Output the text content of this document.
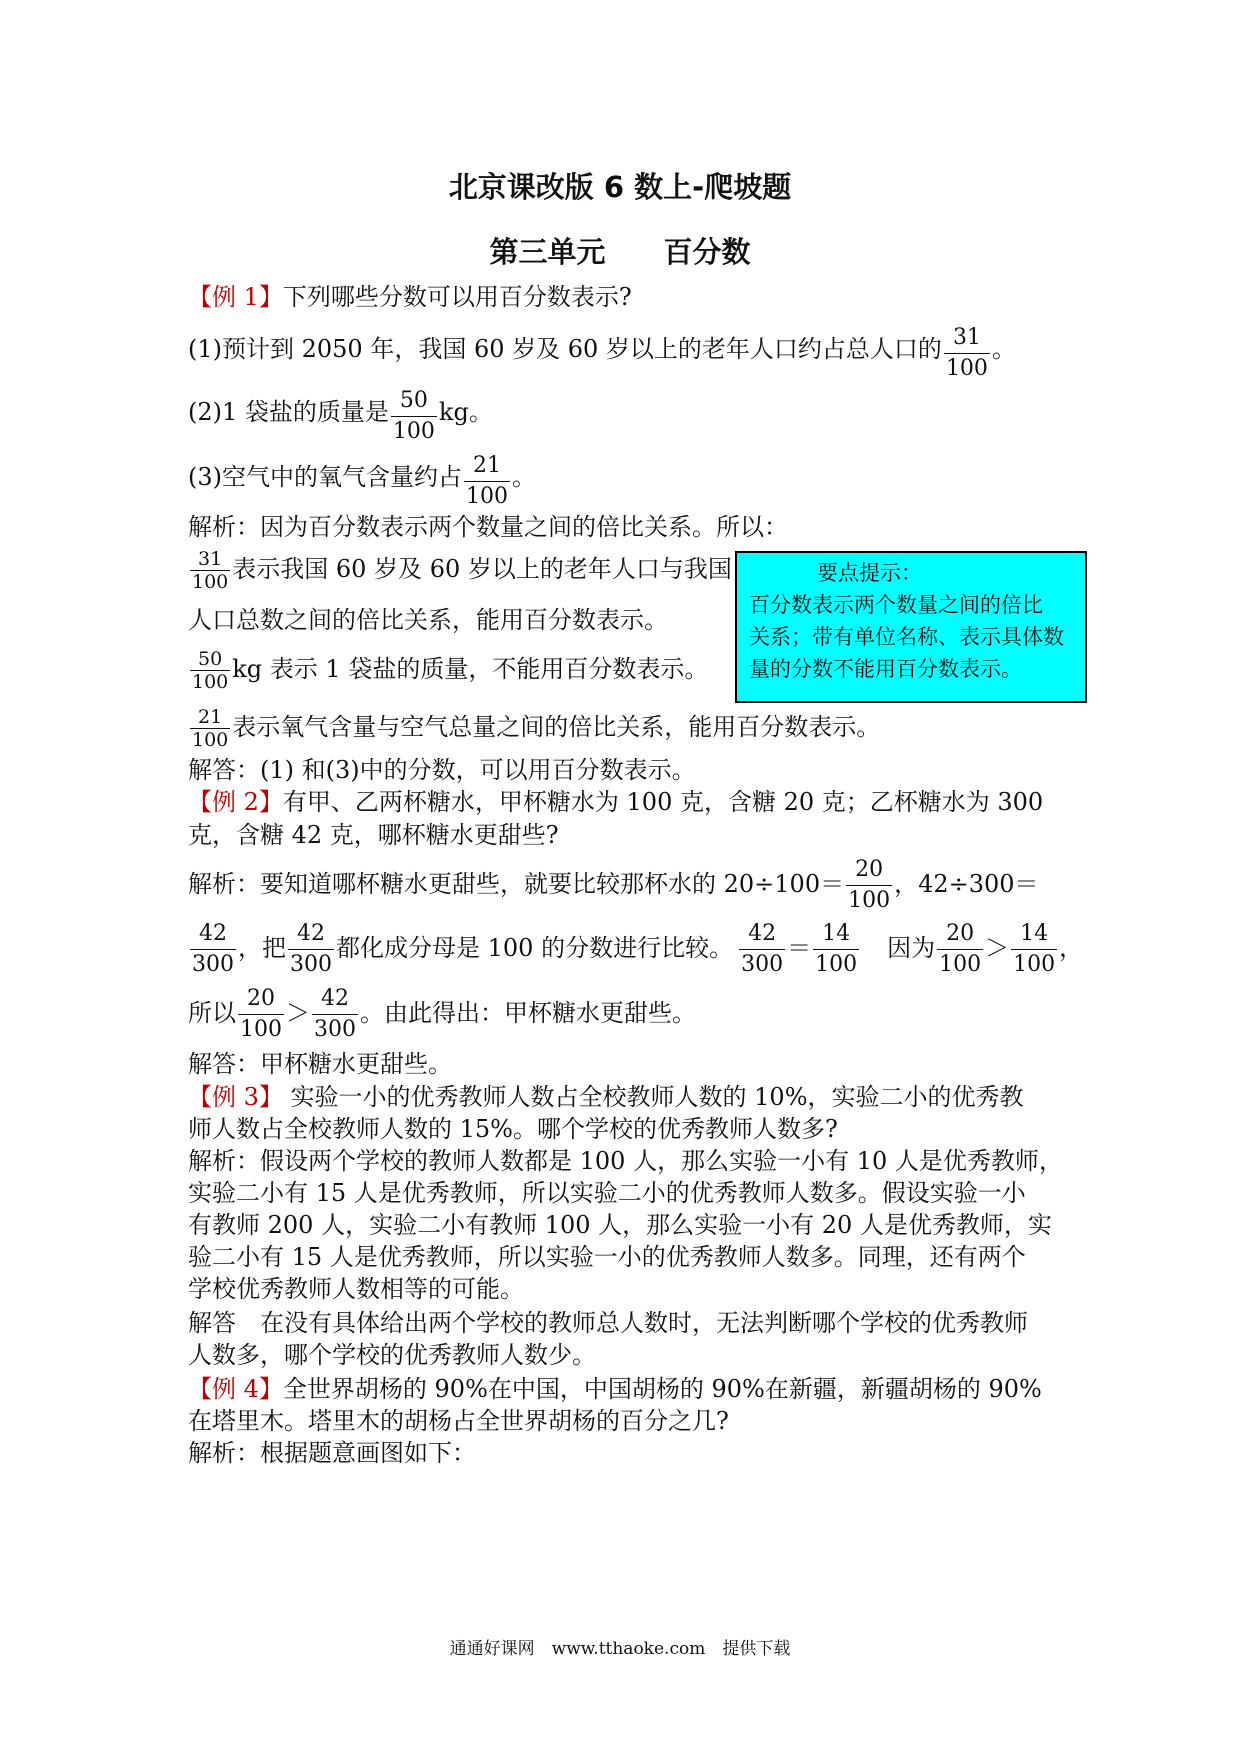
北京课改版 6 数上-爬坡题
第三单元　　百分数
【例 1】下列哪些分数可以用百分数表示?
(1)预计到 2050 年，我国 60 岁及 60 岁以上的老年人口约占总人口的 $\frac{31}{100}$ 。
(2)1 袋盐的质量是 $\frac{50}{100}$ kg。
(3)空气中的氧气含量约占 $\frac{21}{100}$ 。
解析：因为百分数表示两个数量之间的倍比关系。所以：
$\frac{31}{100}$ 表示我国 60 岁及 60 岁以上的老年人口与我国
人口总数之间的倍比关系，能用百分数表示。
$\frac{50}{100}$ kg 表示 1 袋盐的质量，不能用百分数表示。
$\frac{21}{100}$ 表示氧气含量与空气总量之间的倍比关系，能用百分数表示。
解答：(1) 和(3)中的分数，可以用百分数表示。
要点提示：
百分数表示两个数量之间的倍比
关系；带有单位名称、表示具体数
量的分数不能用百分数表示。
【例 2】有甲、乙两杯糖水，甲杯糖水为 100 克，含糖 20 克；乙杯糖水为 300
克，含糖 42 克，哪杯糖水更甜些?
解析：要知道哪杯糖水更甜些，就要比较那杯水的 $20\div 100= \frac{20}{100}$ ，42÷300＝
$\frac{42}{300}$ ，把 $\frac{42}{300}$ 都化成分母是 100 的分数进行比较。 $\frac{42}{300} = \frac{14}{100}$ 因为 $\frac{20}{100} > \frac{14}{100}$ ，
所以 $\frac{20}{100} > \frac{42}{300}$ 。由此得出：甲杯糖水更甜些。
解答：甲杯糖水更甜些。
【例 3】 实验一小的优秀教师人数占全校教师人数的 10%，实验二小的优秀教
师人数占全校教师人数的 15%。哪个学校的优秀教师人数多?
解析：假设两个学校的教师人数都是 100 人，那么实验一小有 10 人是优秀教师，
实验二小有 15 人是优秀教师，所以实验二小的优秀教师人数多。假设实验一小
有教师 200 人，实验二小有教师 100 人，那么实验一小有 20 人是优秀教师，实
验二小有 15 人是优秀教师，所以实验一小的优秀教师人数多。同理，还有两个
学校优秀教师人数相等的可能。
解答　在没有具体给出两个学校的教师总人数时，无法判断哪个学校的优秀教师
人数多，哪个学校的优秀教师人数少。
【例 4】全世界胡杨的 90%在中国，中国胡杨的 90%在新疆，新疆胡杨的 90%
在塔里木。塔里木的胡杨占全世界胡杨的百分之几?
解析：根据题意画图如下：
通通好课网　www.tthaoke.com　提供下载
